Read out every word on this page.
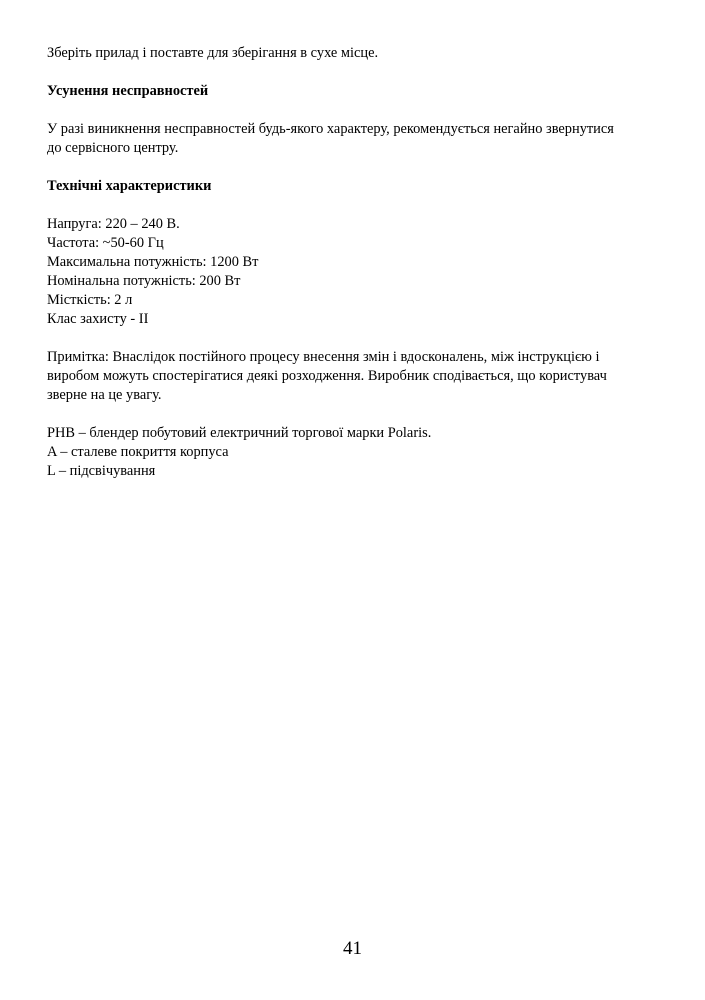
Зберіть прилад і поставте для зберігання в сухе місце.
Усунення несправностей
У разі виникнення несправностей будь-якого характеру, рекомендується негайно звернутися
до сервісного центру.
Технічні характеристики
Напруга: 220 – 240 В.
Частота: ~50-60 Гц
Максимальна потужність: 1200 Вт
Номінальна потужність: 200 Вт
Місткість: 2 л
Клас захисту - II
Примітка: Внаслідок постійного процесу внесення змін і вдосконалень, між інструкцією і
виробом можуть спостерігатися деякі розходження. Виробник сподівається, що користувач
зверне на це увагу.
PHB – блендер побутовий електричний торгової марки Polaris.
A – сталеве покриття корпуса
L – підсвічування
41
